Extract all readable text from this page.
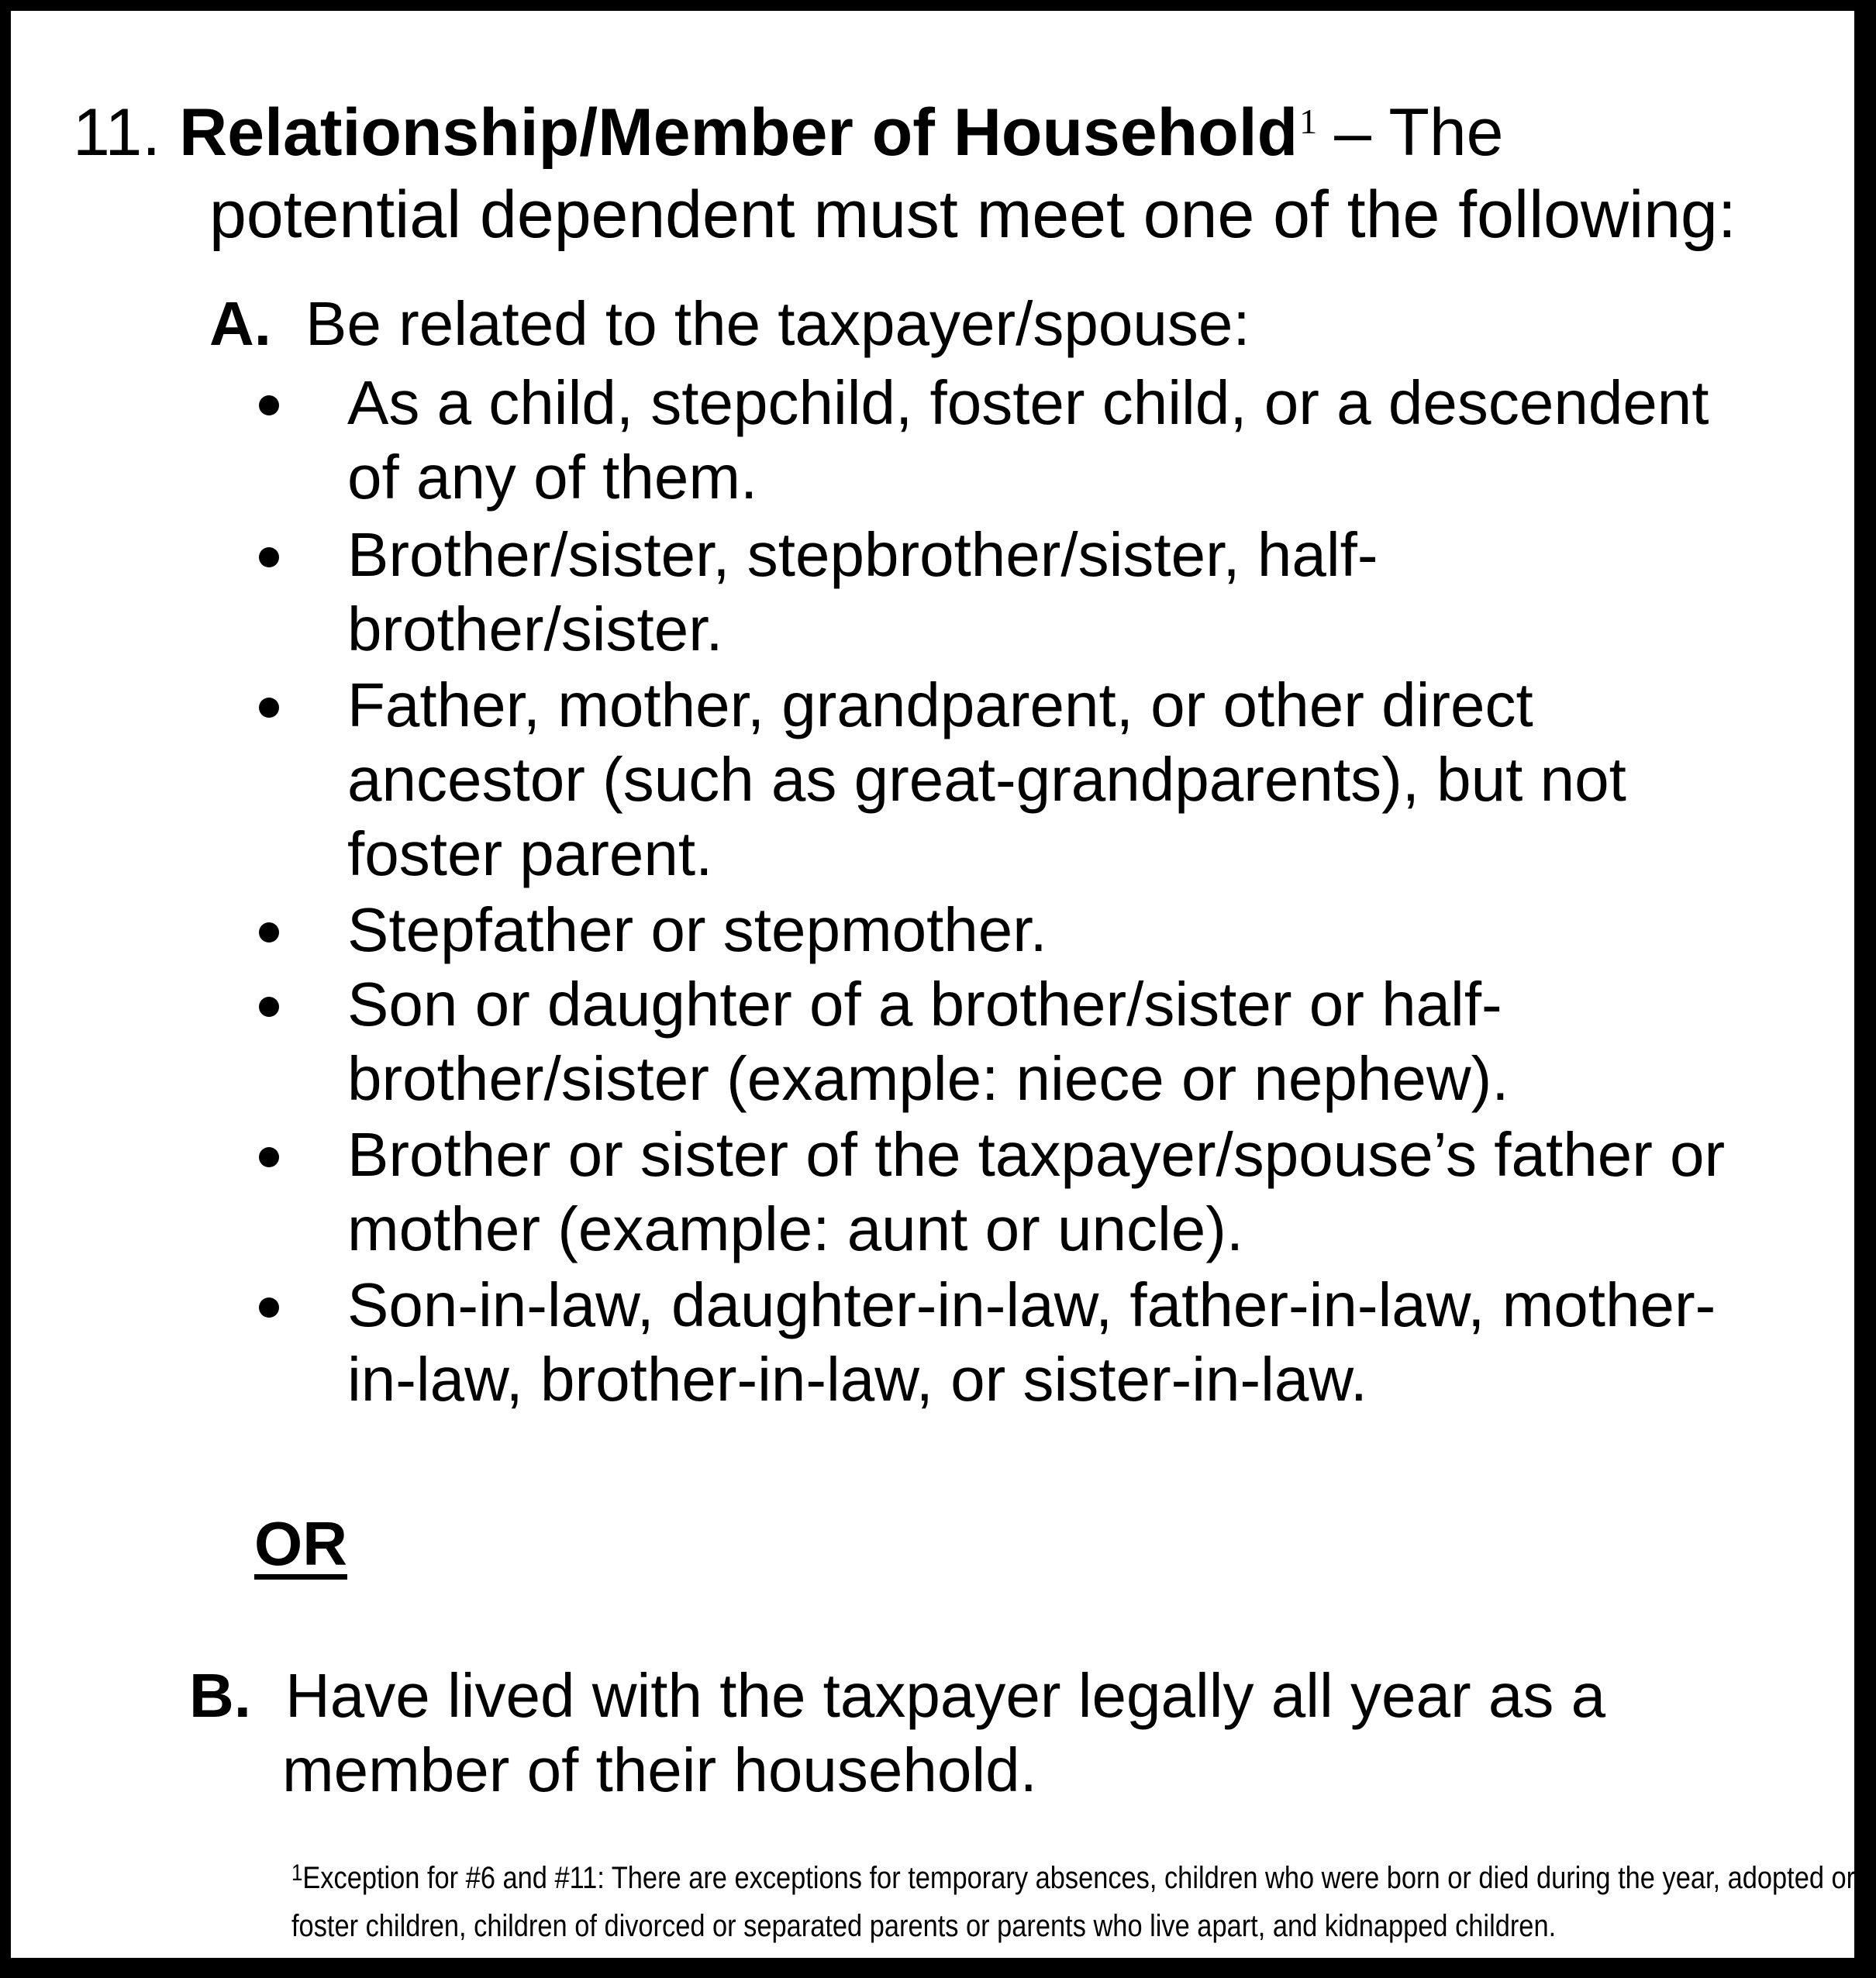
11. Relationship/Member of Household$^1$ – The
potential dependent must meet one of the following:
A. Be related to the taxpayer/spouse:
As a child, stepchild, foster child, or a descendent
of any of them.
Brother/sister, stepbrother/sister, half-
brother/sister.
Father, mother, grandparent, or other direct
ancestor (such as great-grandparents), but not
foster parent.
Stepfather or stepmother.
Son or daughter of a brother/sister or half-
brother/sister (example: niece or nephew).
Brother or sister of the taxpayer/spouse’s father or
mother (example: aunt or uncle).
Son-in-law, daughter-in-law, father-in-law, mother-
in-law, brother-in-law, or sister-in-law.
OR
B. Have lived with the taxpayer legally all year as a
member of their household.
$^1$Exception for #6 and #11: There are exceptions for temporary absences, children who were born or died during the year, adopted or
foster children, children of divorced or separated parents or parents who live apart, and kidnapped children.
